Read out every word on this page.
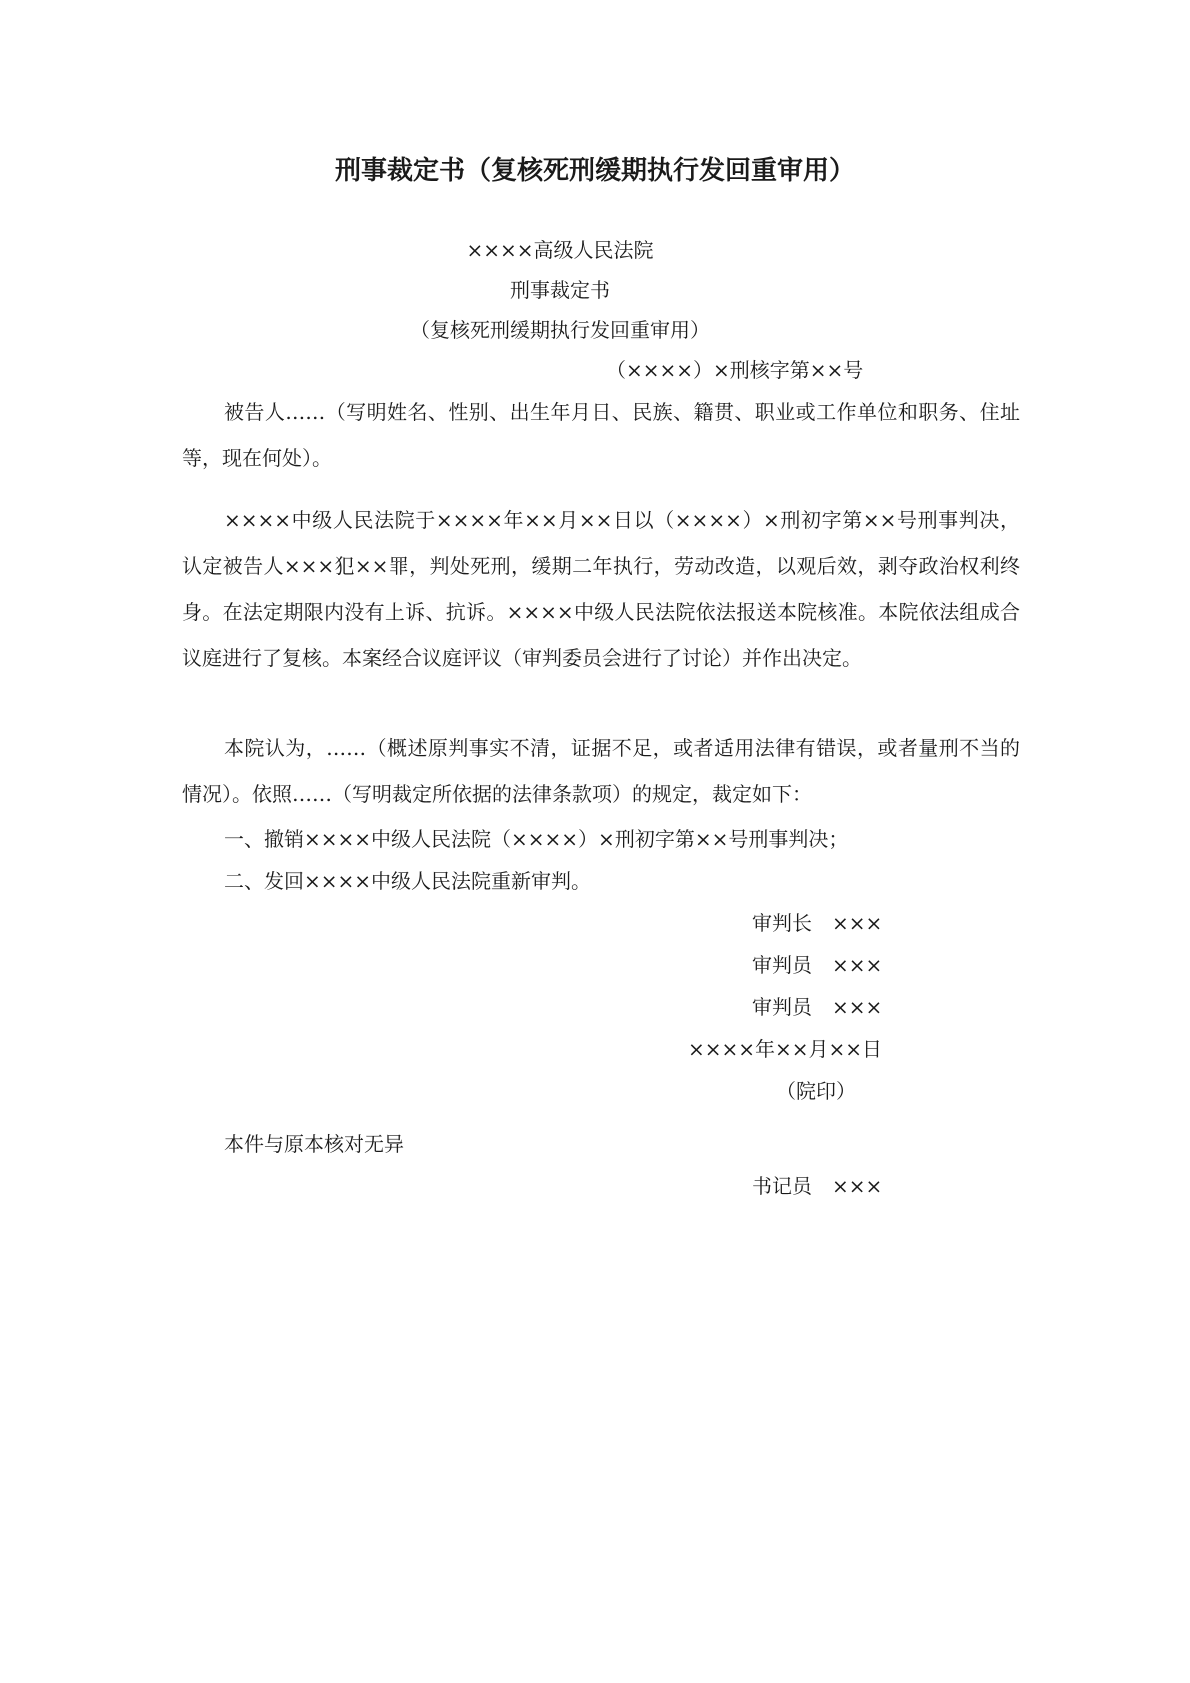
刑事裁定书（复核死刑缓期执行发回重审用）
××××高级人民法院
刑事裁定书
（复核死刑缓期执行发回重审用）
（××××）×刑核字第××号

被告人……（写明姓名、性别、出生年月日、民族、籍贯、职业或工作单位和职务、住址等，现在何处）。

××××中级人民法院于××××年××月××日以（××××）×刑初字第××号刑事判决，认定被告人×××犯××罪，判处死刑，缓期二年执行，劳动改造，以观后效，剥夺政治权利终身。在法定期限内没有上诉、抗诉。××××中级人民法院依法报送本院核准。本院依法组成合议庭进行了复核。本案经合议庭评议（审判委员会进行了讨论）并作出决定。

本院认为，……（概述原判事实不清，证据不足，或者适用法律有错误，或者量刑不当的情况）。依照……（写明裁定所依据的法律条款项）的规定，裁定如下：

一、撤销××××中级人民法院（××××）×刑初字第××号刑事判决；
二、发回××××中级人民法院重新审判。
审判长 ×××
审判员 ×××
审判员 ×××
××××年××月××日
（院印）
本件与原本核对无异
书记员 ×××
